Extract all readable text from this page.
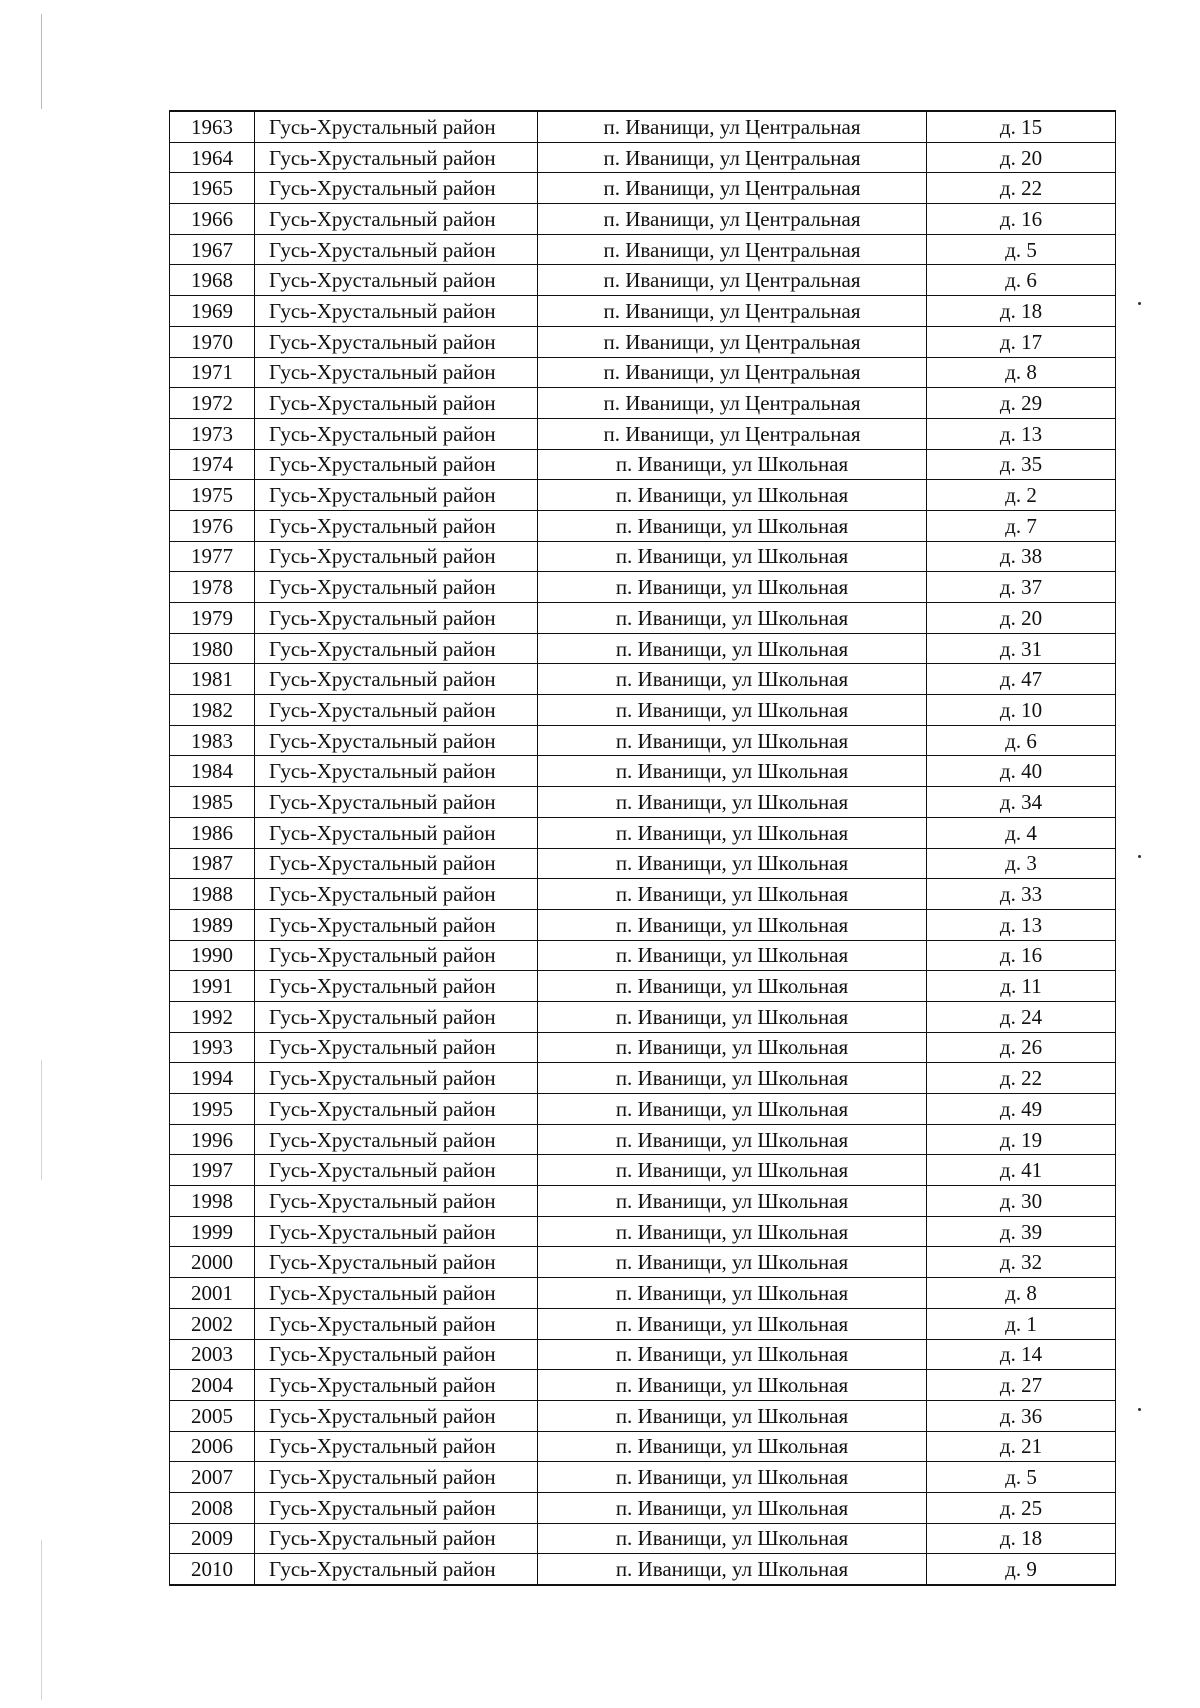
1963	Гусь-Хрустальный район	п. Иванищи, ул Центральная	д. 15
1964	Гусь-Хрустальный район	п. Иванищи, ул Центральная	д. 20
1965	Гусь-Хрустальный район	п. Иванищи, ул Центральная	д. 22
1966	Гусь-Хрустальный район	п. Иванищи, ул Центральная	д. 16
1967	Гусь-Хрустальный район	п. Иванищи, ул Центральная	д. 5
1968	Гусь-Хрустальный район	п. Иванищи, ул Центральная	д. 6
1969	Гусь-Хрустальный район	п. Иванищи, ул Центральная	д. 18
1970	Гусь-Хрустальный район	п. Иванищи, ул Центральная	д. 17
1971	Гусь-Хрустальный район	п. Иванищи, ул Центральная	д. 8
1972	Гусь-Хрустальный район	п. Иванищи, ул Центральная	д. 29
1973	Гусь-Хрустальный район	п. Иванищи, ул Центральная	д. 13
1974	Гусь-Хрустальный район	п. Иванищи, ул Школьная	д. 35
1975	Гусь-Хрустальный район	п. Иванищи, ул Школьная	д. 2
1976	Гусь-Хрустальный район	п. Иванищи, ул Школьная	д. 7
1977	Гусь-Хрустальный район	п. Иванищи, ул Школьная	д. 38
1978	Гусь-Хрустальный район	п. Иванищи, ул Школьная	д. 37
1979	Гусь-Хрустальный район	п. Иванищи, ул Школьная	д. 20
1980	Гусь-Хрустальный район	п. Иванищи, ул Школьная	д. 31
1981	Гусь-Хрустальный район	п. Иванищи, ул Школьная	д. 47
1982	Гусь-Хрустальный район	п. Иванищи, ул Школьная	д. 10
1983	Гусь-Хрустальный район	п. Иванищи, ул Школьная	д. 6
1984	Гусь-Хрустальный район	п. Иванищи, ул Школьная	д. 40
1985	Гусь-Хрустальный район	п. Иванищи, ул Школьная	д. 34
1986	Гусь-Хрустальный район	п. Иванищи, ул Школьная	д. 4
1987	Гусь-Хрустальный район	п. Иванищи, ул Школьная	д. 3
1988	Гусь-Хрустальный район	п. Иванищи, ул Школьная	д. 33
1989	Гусь-Хрустальный район	п. Иванищи, ул Школьная	д. 13
1990	Гусь-Хрустальный район	п. Иванищи, ул Школьная	д. 16
1991	Гусь-Хрустальный район	п. Иванищи, ул Школьная	д. 11
1992	Гусь-Хрустальный район	п. Иванищи, ул Школьная	д. 24
1993	Гусь-Хрустальный район	п. Иванищи, ул Школьная	д. 26
1994	Гусь-Хрустальный район	п. Иванищи, ул Школьная	д. 22
1995	Гусь-Хрустальный район	п. Иванищи, ул Школьная	д. 49
1996	Гусь-Хрустальный район	п. Иванищи, ул Школьная	д. 19
1997	Гусь-Хрустальный район	п. Иванищи, ул Школьная	д. 41
1998	Гусь-Хрустальный район	п. Иванищи, ул Школьная	д. 30
1999	Гусь-Хрустальный район	п. Иванищи, ул Школьная	д. 39
2000	Гусь-Хрустальный район	п. Иванищи, ул Школьная	д. 32
2001	Гусь-Хрустальный район	п. Иванищи, ул Школьная	д. 8
2002	Гусь-Хрустальный район	п. Иванищи, ул Школьная	д. 1
2003	Гусь-Хрустальный район	п. Иванищи, ул Школьная	д. 14
2004	Гусь-Хрустальный район	п. Иванищи, ул Школьная	д. 27
2005	Гусь-Хрустальный район	п. Иванищи, ул Школьная	д. 36
2006	Гусь-Хрустальный район	п. Иванищи, ул Школьная	д. 21
2007	Гусь-Хрустальный район	п. Иванищи, ул Школьная	д. 5
2008	Гусь-Хрустальный район	п. Иванищи, ул Школьная	д. 25
2009	Гусь-Хрустальный район	п. Иванищи, ул Школьная	д. 18
2010	Гусь-Хрустальный район	п. Иванищи, ул Школьная	д. 9
